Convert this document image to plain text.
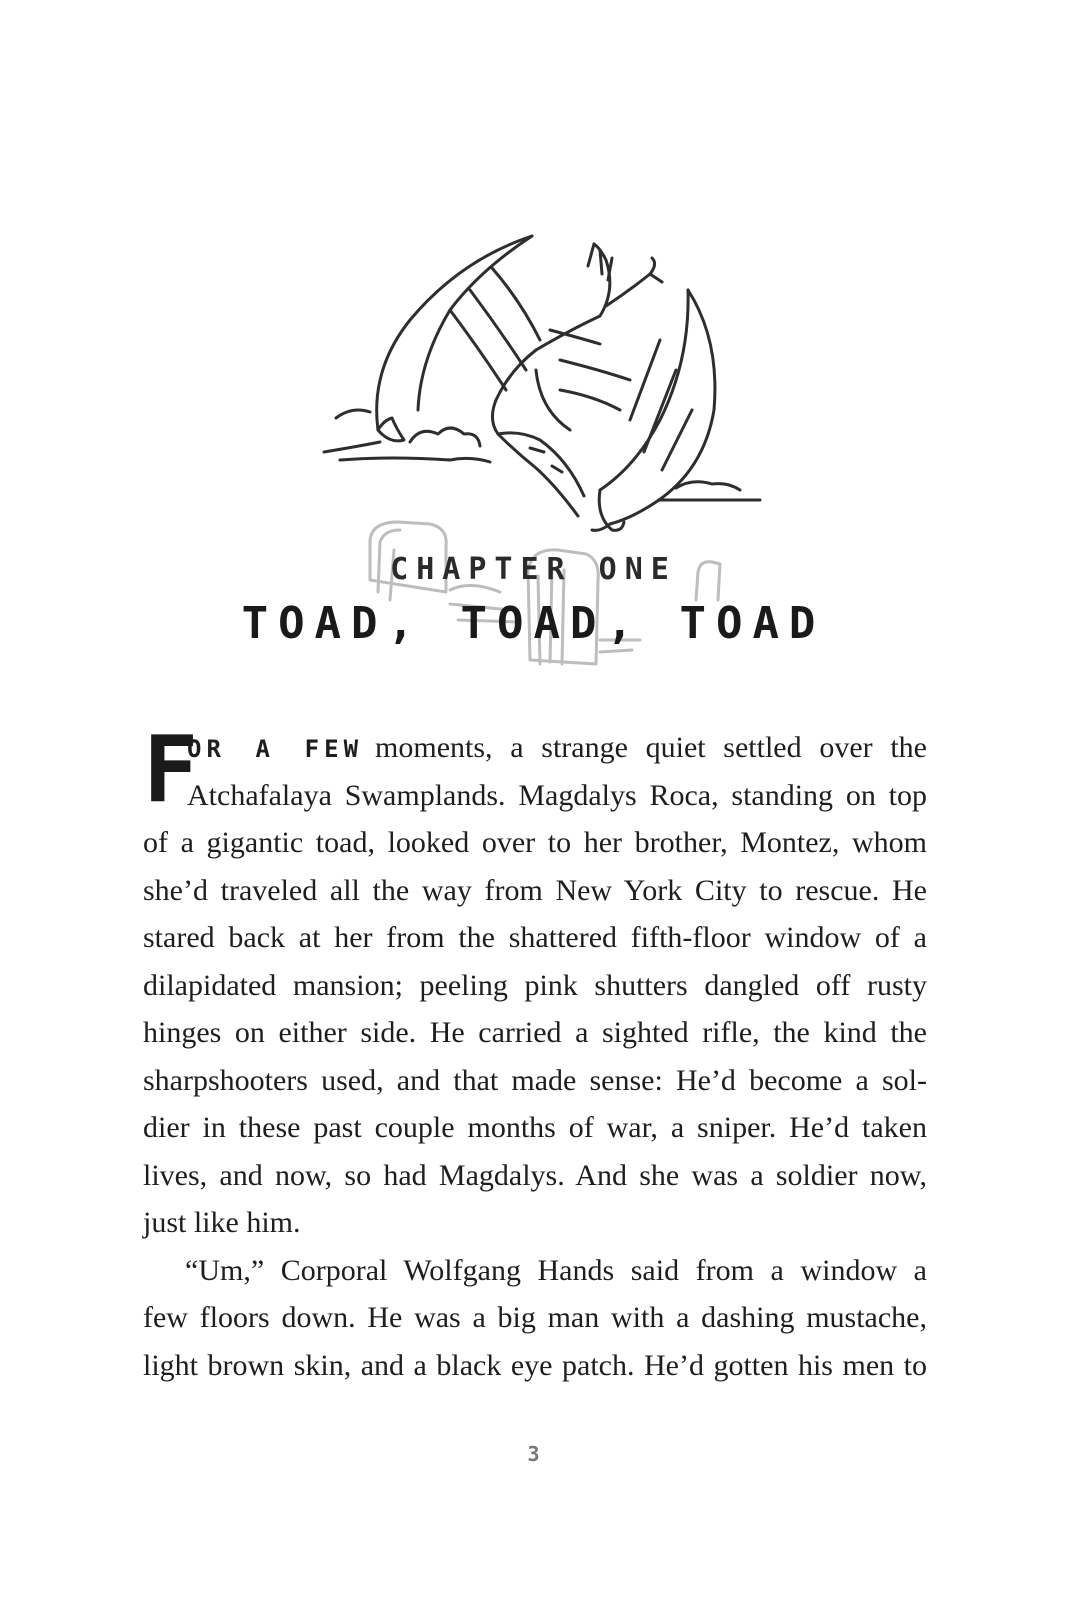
CHAPTER ONE
TOAD, TOAD, TOAD
F
OR A FEW moments, a strange quiet settled over the
Atchafalaya Swamplands. Magdalys Roca, standing on top
of a gigantic toad, looked over to her brother, Montez, whom
she’d traveled all the way from New York City to rescue. He
stared back at her from the shattered fifth-floor window of a
dilapidated mansion; peeling pink shutters dangled off rusty
hinges on either side. He carried a sighted rifle, the kind the
sharpshooters used, and that made sense: He’d become a sol-
dier in these past couple months of war, a sniper. He’d taken
lives, and now, so had Magdalys. And she was a soldier now,
just like him.
“Um,” Corporal Wolfgang Hands said from a window a
few floors down. He was a big man with a dashing mustache,
light brown skin, and a black eye patch. He’d gotten his men to
3
